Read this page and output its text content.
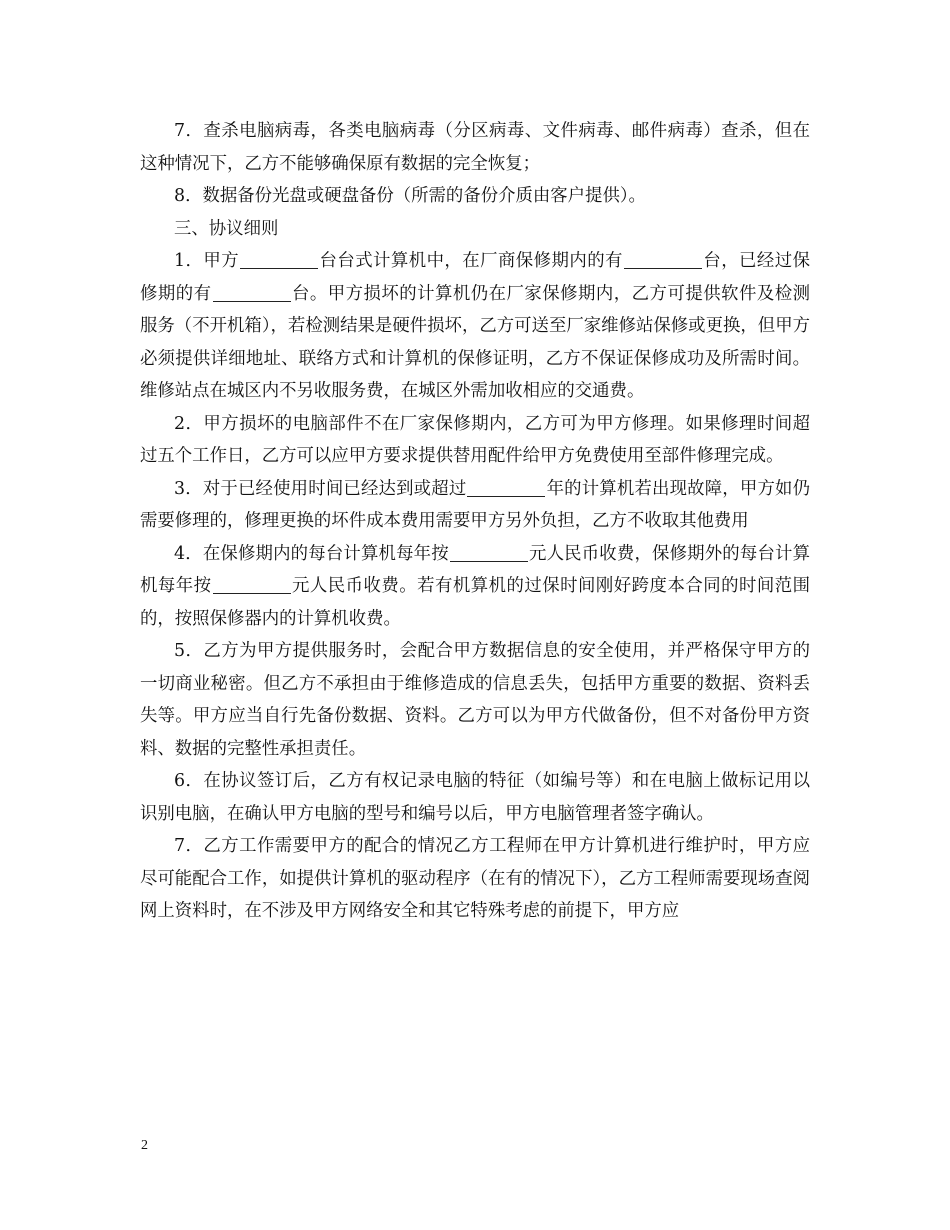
7．查杀电脑病毒，各类电脑病毒（分区病毒、文件病毒、邮件病毒）查杀，但在这种情况下，乙方不能够确保原有数据的完全恢复；

8．数据备份光盘或硬盘备份（所需的备份介质由客户提供）。

三、协议细则

1．甲方	台台式计算机中，在厂商保修期内的有	台，已经过保修期的有	台。甲方损坏的计算机仍在厂家保修期内，乙方可提供软件及检测服务（不开机箱），若检测结果是硬件损坏，乙方可送至厂家维修站保修或更换，但甲方必须提供详细地址、联络方式和计算机的保修证明，乙方不保证保修成功及所需时间。维修站点在城区内不另收服务费，在城区外需加收相应的交通费。

2．甲方损坏的电脑部件不在厂家保修期内，乙方可为甲方修理。如果修理时间超过五个工作日，乙方可以应甲方要求提供替用配件给甲方免费使用至部件修理完成。

3．对于已经使用时间已经达到或超过	年的计算机若出现故障，甲方如仍需要修理的，修理更换的坏件成本费用需要甲方另外负担，乙方不收取其他费用

4．在保修期内的每台计算机每年按	元人民币收费，保修期外的每台计算机每年按	元人民币收费。若有机算机的过保时间刚好跨度本合同的时间范围的，按照保修器内的计算机收费。

5．乙方为甲方提供服务时，会配合甲方数据信息的安全使用，并严格保守甲方的一切商业秘密。但乙方不承担由于维修造成的信息丢失，包括甲方重要的数据、资料丢失等。甲方应当自行先备份数据、资料。乙方可以为甲方代做备份，但不对备份甲方资料、数据的完整性承担责任。

6．在协议签订后，乙方有权记录电脑的特征（如编号等）和在电脑上做标记用以识别电脑，在确认甲方电脑的型号和编号以后，甲方电脑管理者签字确认。

7．乙方工作需要甲方的配合的情况乙方工程师在甲方计算机进行维护时，甲方应尽可能配合工作，如提供计算机的驱动程序（在有的情况下），乙方工程师需要现场查阅网上资料时，在不涉及甲方网络安全和其它特殊考虑的前提下，甲方应

2
